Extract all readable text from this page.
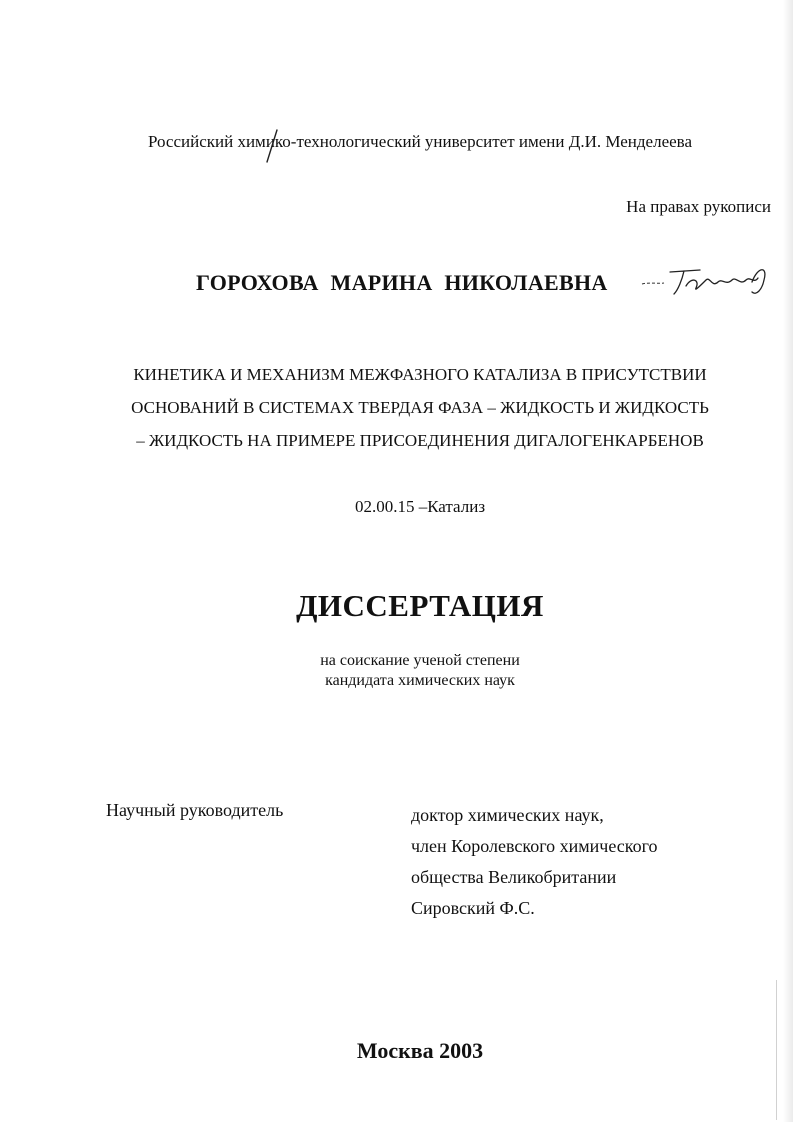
Российский химико-технологический университет имени Д.И. Менделеева
На правах рукописи
ГОРОХОВА МАРИНА НИКОЛАЕВНА
КИНЕТИКА И МЕХАНИЗМ МЕЖФАЗНОГО КАТАЛИЗА В ПРИСУТСТВИИ
ОСНОВАНИЙ В СИСТЕМАХ ТВЕРДАЯ ФАЗА – ЖИДКОСТЬ И ЖИДКОСТЬ
– ЖИДКОСТЬ НА ПРИМЕРЕ ПРИСОЕДИНЕНИЯ ДИГАЛОГЕНКАРБЕНОВ
02.00.15 –Катализ
ДИССЕРТАЦИЯ
на соискание ученой степени
кандидата химических наук
Научный руководитель	доктор химических наук,
член Королевского химического
общества Великобритании
Сировский Ф.С.
Москва 2003
